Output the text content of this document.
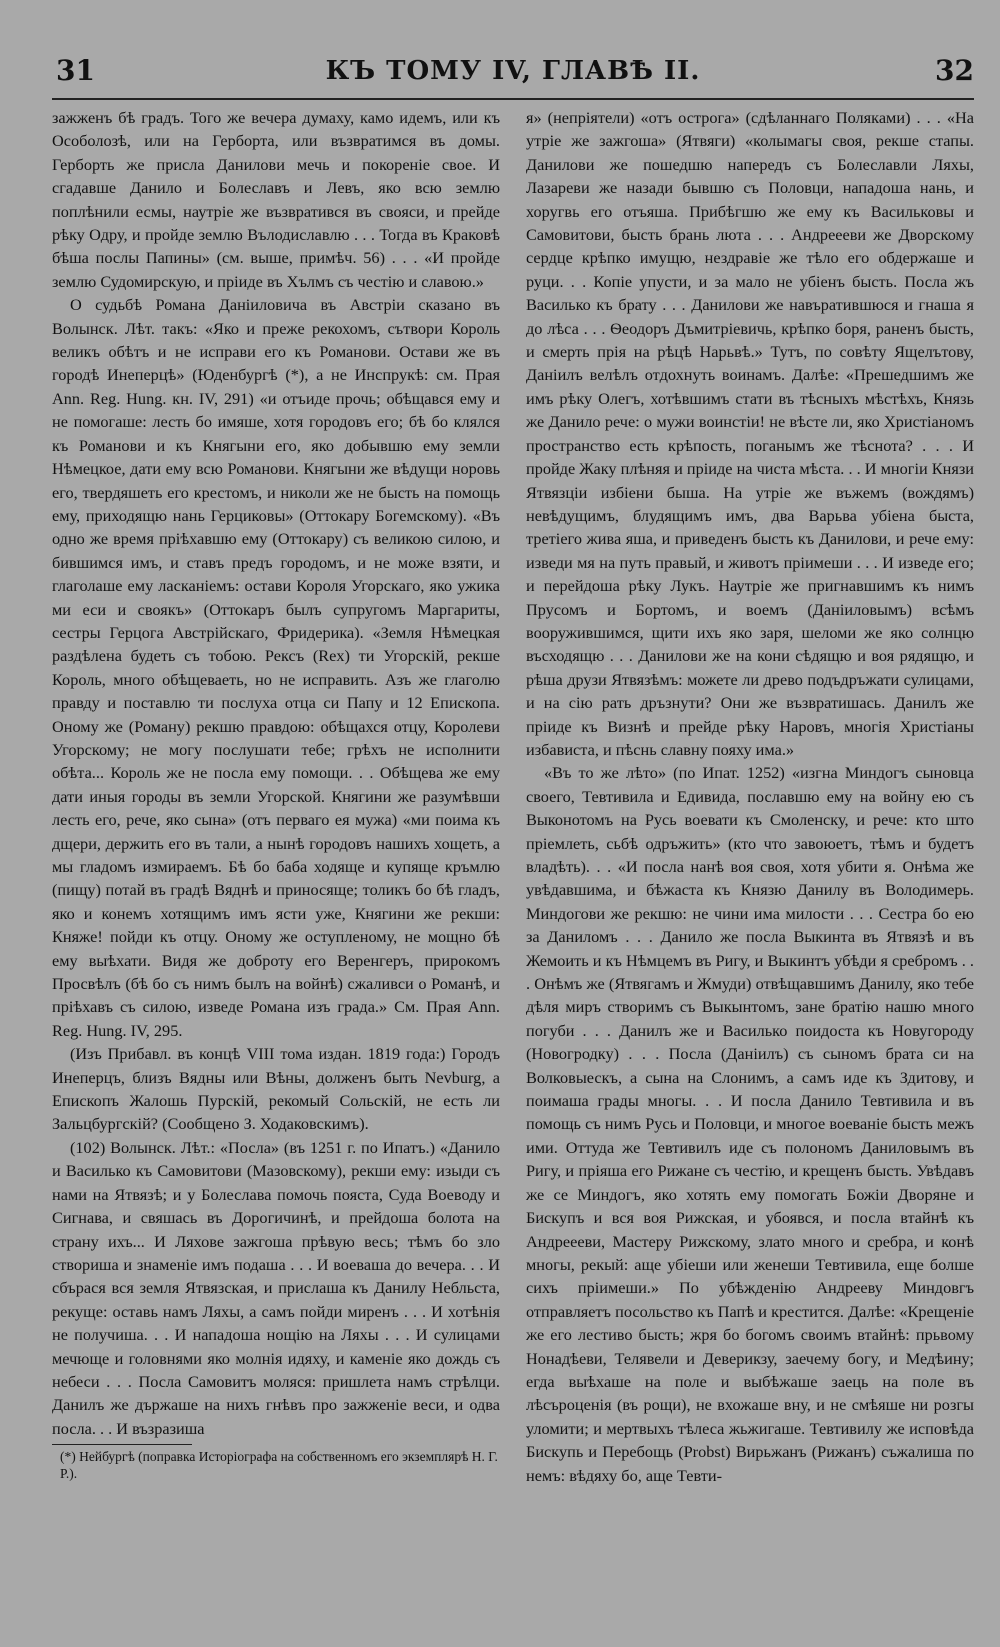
31	КЪ ТОМУ IV, ГЛАВѢ II.	32

зажженъ бѣ градъ. Того же вечера думаху, камо идемъ, или къ Особолозѣ, или на Герборта, или възвратимся въ домы. Герборть же присла Данилови мечь и покореніе свое. И сгадавше Данило и Болеславъ и Левъ, яко всю землю поплѣнили есмы, наутріе же възвратився въ свояси, и прейде рѣку Одру, и пройде землю Вълодиславлю . . . Тогда въ Краковѣ бѣша послы Папины» (см. выше, примѣч. 56) . . . «И пройде землю Судомирскую, и пріиде въ Хълмъ съ честію и славою.»

О судьбѣ Романа Даніиловича въ Австріи сказано въ Волынск. Лѣт. такъ: «Яко и преже рекохомъ, сътвори Король великъ обѣтъ и не исправи его къ Романови. Остави же въ городѣ Инеперцѣ» (Юденбургѣ (*), а не Инспрукѣ: см. Прая Ann. Reg. Hung. кн. IV, 291) «и отъиде прочь; обѣщався ему и не помогаше: лесть бо имяше, хотя городовъ его; бѣ бо клялся къ Романови и къ Княгыни его, яко добывшю ему земли Нѣмецкое, дати ему всю Романови. Княгыни же вѣдущи норовь его, твердяшеть его крестомъ, и николи же не бысть на помощь ему, приходящю нань Герциковы» (Оттокару Богемскому). «Въ одно же время пріѣхавшю ему (Оттокару) съ великою силою, и бившимся имъ, и ставъ предъ городомъ, и не може взяти, и глаголаше ему ласканіемъ: остави Короля Угорскаго, яко ужика ми еси и своякъ» (Оттокаръ былъ супругомъ Маргариты, сестры Герцога Австрійскаго, Фридерика). «Земля Нѣмецкая раздѣлена будеть съ тобою. Рексъ (Rex) ти Угорскій, рекше Король, много обѣщеваеть, но не исправить. Азъ же глаголю правду и поставлю ти послуха отца си Папу и 12 Епископа. Оному же (Роману) рекшю правдою: обѣщахся отцу, Королеви Угорскому; не могу послушати тебе; грѣхъ не исполнити обѣта... Король же не посла ему помощи. . . Обѣщева же ему дати иныя городы въ земли Угорской. Княгини же разумѣвши лесть его, рече, яко сына» (отъ перваго ея мужа) «ми поима къ дщери, держить его въ тали, а нынѣ городовъ нашихъ хощеть, а мы гладомъ измираемъ. Бѣ бо баба ходяще и купяще кръмлю (пищу) потай въ градѣ Вяднѣ и приносяще; толикъ бо бѣ гладъ, яко и конемъ хотящимъ имъ ясти уже, Княгини же рекши: Княже! пойди къ отцу. Оному же оступленому, не мощно бѣ ему выѣхати. Видя же доброту его Веренгеръ, прирокомъ Просвѣлъ (бѣ бо съ нимъ былъ на войнѣ) сжаливси о Романѣ, и пріѣхавъ съ силою, изведе Романа изъ града.» См. Прая Ann. Reg. Hung. IV, 295.

(Изъ Прибавл. въ концѣ VIII тома издан. 1819 года:) Городъ Инеперцъ, близъ Вядны или Вѣны, долженъ быть Nevburg, а Епископъ Жалошь Пурскій, рекомый Сольскій, не есть ли Зальцбургскій? (Сообщено З. Ходаковскимъ).

(102) Волынск. Лѣт.: «Посла» (въ 1251 г. по Ипатъ.) «Данило и Василько къ Самовитови (Мазовскому), рекши ему: изыди съ нами на Ятвязѣ; и у Болеслава помочь пояста, Суда Воеводу и Сигнава, и свяшась въ Дорогичинѣ, и прейдоша болота на страну ихъ... И Ляхове зажгоша прѣвую весь; тѣмъ бо зло створиша и знаменіе имъ подаша . . . И воеваша до вечера. . . И сбърася вся земля Ятвязская, и прислаша къ Данилу Небльста, рекуще: оставь намъ Ляхы, а самъ пойди миренъ . . . И хотѣнія не получиша. . . И нападоша нощію на Ляхы . . . И сулицами мечюще и головнями яко молнія идяху, и каменіе яко дождь съ небеси . . . Посла Самовитъ моляся: пришлета намъ стрѣлци. Данилъ же държаше на нихъ гнѣвъ про зажженіе веси, и одва посла. . . И възразиша

(*) Нейбургѣ (поправка Исторіографа на собственномъ его экземплярѣ Н. Г. Р.).

я» (непріятели) «отъ острога» (сдѣланнаго Поляками) . . . «На утріе же зажгоша» (Ятвяги) «колымагы своя, рекше стапы. Данилови же пошедшю напередъ съ Болеславли Ляхы, Лазареви же назади бывшю съ Половци, нападоша нань, и хоругвь его отъяша. Прибѣгшю же ему къ Васильковы и Самовитови, бысть брань люта . . . Андреееви же Дворскому сердце крѣпко имущю, нездравіе же тѣло его обдержаше и руци. . . Копіе упусти, и за мало не убіенъ бысть. Посла жъ Василько къ брату . . . Данилови же навъратившюся и гнаша я до лѣса . . . Ѳеодоръ Дъмитріевичь, крѣпко боря, раненъ бысть, и смерть прія на рѣцѣ Нарьвѣ.» Тутъ, по совѣту Ящелътову, Даніилъ велѣлъ отдохнуть воинамъ. Далѣе: «Прешедшимъ же имъ рѣку Олегъ, хотѣвшимъ стати въ тѣсныхъ мѣстѣхъ, Князь же Данило рече: о мужи воинстіи! не вѣсте ли, яко Христіаномъ пространство есть крѣпость, поганымъ же тѣснота? . . . И пройде Жаку плѣняя и пріиде на чиста мѣста. . . И многіи Князи Ятвязціи избіени быша. На утріе же въжемъ (вождямъ) невѣдущимъ, блудящимъ имъ, два Варьва убіена быста, третіего жива яша, и приведенъ бысть къ Данилови, и рече ему: изведи мя на путь правый, и животъ пріимеши . . . И изведе его; и перейдоша рѣку Лукъ. Наутріе же пригнавшимъ къ нимъ Прусомъ и Бортомъ, и воемъ (Даніиловымъ) всѣмъ вооружившимся, щити ихъ яко заря, шеломи же яко солнцю въсходящю . . . Данилови же на кони сѣдящю и воя рядящю, и рѣша друзи Ятвязѣмъ: можете ли древо подъдръжати сулицами, и на сію рать дръзнути? Они же възвратишась. Данилъ же пріиде къ Визнѣ и прейде рѣку Наровъ, многія Христіаны избависта, и пѣснь славну пояху има.»

«Въ то же лѣто» (по Ипат. 1252) «изгна Миндогъ сыновца своего, Тевтивила и Едивида, пославшю ему на войну ею съ Выконотомъ на Русь воевати къ Смоленску, и рече: кто што пріемлеть, сьбѣ одръжить» (кто что завоюетъ, тѣмъ и будетъ владѣть). . . «И посла нанѣ воя своя, хотя убити я. Онѣма же увѣдавшима, и бѣжаста къ Князю Данилу въ Володимерь. Миндогови же рекшю: не чини има милости . . . Сестра бо ею за Даниломъ . . . Данило же посла Выкинта въ Ятвязѣ и въ Жемоить и къ Нѣмцемъ въ Ригу, и Выкинтъ убѣди я сребромъ . . . Онѣмъ же (Ятвягамъ и Жмуди) отвѣщавшимъ Данилу, яко тебе дѣля миръ створимъ съ Выкынтомъ, зане братію нашю много погуби . . . Данилъ же и Василько поидоста къ Новугороду (Новогродку) . . . Посла (Даніилъ) съ сыномъ брата си на Волковыескъ, а сына на Слонимъ, а самъ иде къ Здитову, и поимаша грады многы. . . И посла Данило Тевтивила и въ помощь съ нимъ Русь и Половци, и многое воеваніе бысть межъ ими. Оттуда же Тевтивилъ иде съ полономъ Даниловымъ въ Ригу, и пріяша его Рижане съ честію, и крещенъ бысть. Увѣдавъ же се Миндогъ, яко хотять ему помогать Божіи Дворяне и Бискупъ и вся воя Рижская, и убоявся, и посла втайнѣ къ Андреееви, Мастеру Рижскому, злато много и сребра, и конѣ многы, рекый: аще убіеши или женеши Тевтивила, еще болше сихъ пріимеши.» По убѣжденію Андрееву Миндовгъ отправляетъ посольство къ Папѣ и крестится. Далѣе: «Крещеніе же его лестиво бысть; жря бо богомъ своимъ втайнѣ: прьвому Нонадѣеви, Телявели и Деверикзу, заечему богу, и Медѣину; егда выѣхаше на поле и выбѣжаше заець на поле въ лѣсъроценія (въ рощи), не вхожаше вну, и не смѣяше ни розгы уломити; и мертвыхъ тѣлеса жьжигаше. Тевтивилу же исповѣда Бискупь и Перебощь (Probst) Вирьжанъ (Рижанъ) съжалиша по немъ: вѣдяху бо, аще Тевти-
